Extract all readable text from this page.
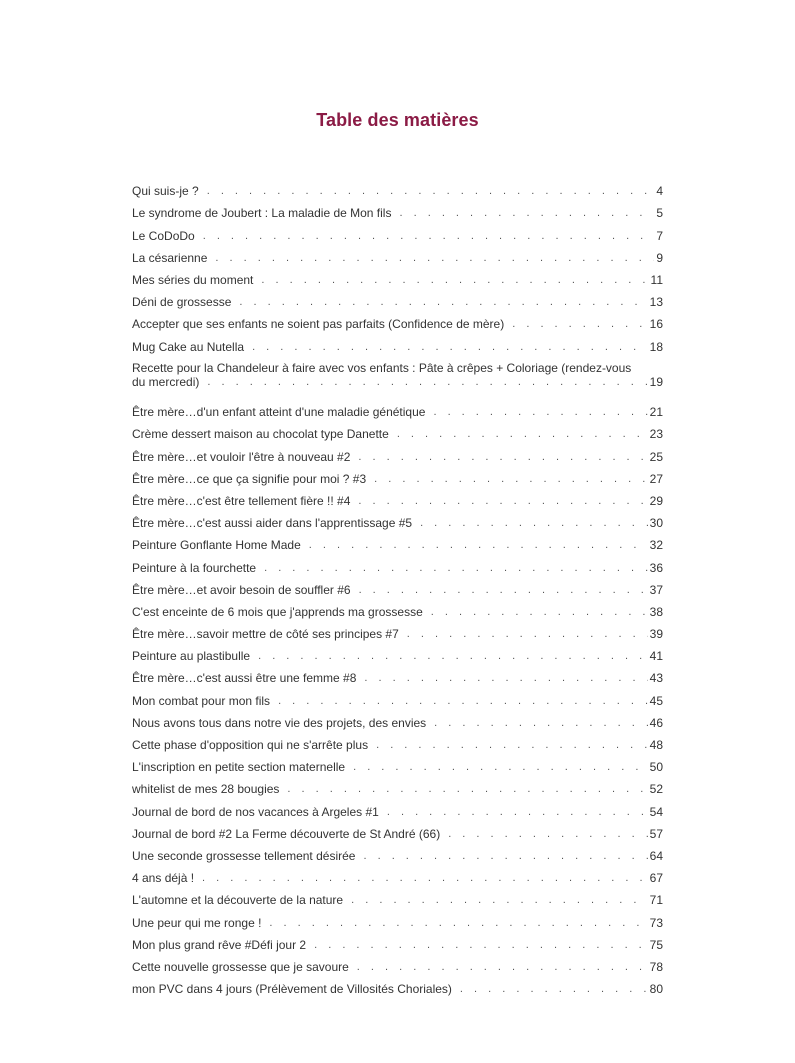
Table des matières
Qui suis-je ? . . .	4
Le syndrome de Joubert : La maladie de Mon fils . . .	5
Le CoDoDo . . .	7
La césarienne . . .	9
Mes séries du moment . . .	11
Déni de grossesse . . .	13
Accepter que ses enfants ne soient pas parfaits (Confidence de mère) . . .	16
Mug Cake au Nutella . . .	18
Recette pour la Chandeleur à faire avec vos enfants : Pâte à crêpes + Coloriage (rendez-vous
du mercredi) . . .	19
Être mère…d'un enfant atteint d'une maladie génétique . . .	21
Crème dessert maison au chocolat type Danette . . .	23
Être mère…et vouloir l'être à nouveau #2 . . .	25
Être mère…ce que ça signifie pour moi ? #3 . . .	27
Être mère…c'est être tellement fière !! #4 . . .	29
Être mère…c'est aussi aider dans l'apprentissage #5 . . .	30
Peinture Gonflante Home Made . . .	32
Peinture à la fourchette . . .	36
Être mère…et avoir besoin de souffler #6 . . .	37
C'est enceinte de 6 mois que j'apprends ma grossesse . . .	38
Être mère…savoir mettre de côté ses principes #7 . . .	39
Peinture au plastibulle . . .	41
Être mère…c'est aussi être une femme #8 . . .	43
Mon combat pour mon fils . . .	45
Nous avons tous dans notre vie des projets, des envies . . .	46
Cette phase d'opposition qui ne s'arrête plus . . .	48
L'inscription en petite section maternelle . . .	50
whitelist de mes 28 bougies . . .	52
Journal de bord de nos vacances à Argeles #1 . . .	54
Journal de bord #2 La Ferme découverte de St André (66) . . .	57
Une seconde grossesse tellement désirée . . .	64
4 ans déjà ! . . .	67
L'automne et la découverte de la nature . . .	71
Une peur qui me ronge ! . . .	73
Mon plus grand rêve #Défi jour 2 . . .	75
Cette nouvelle grossesse que je savoure . . .	78
mon PVC dans 4 jours (Prélèvement de Villosités Choriales) . . .	80
